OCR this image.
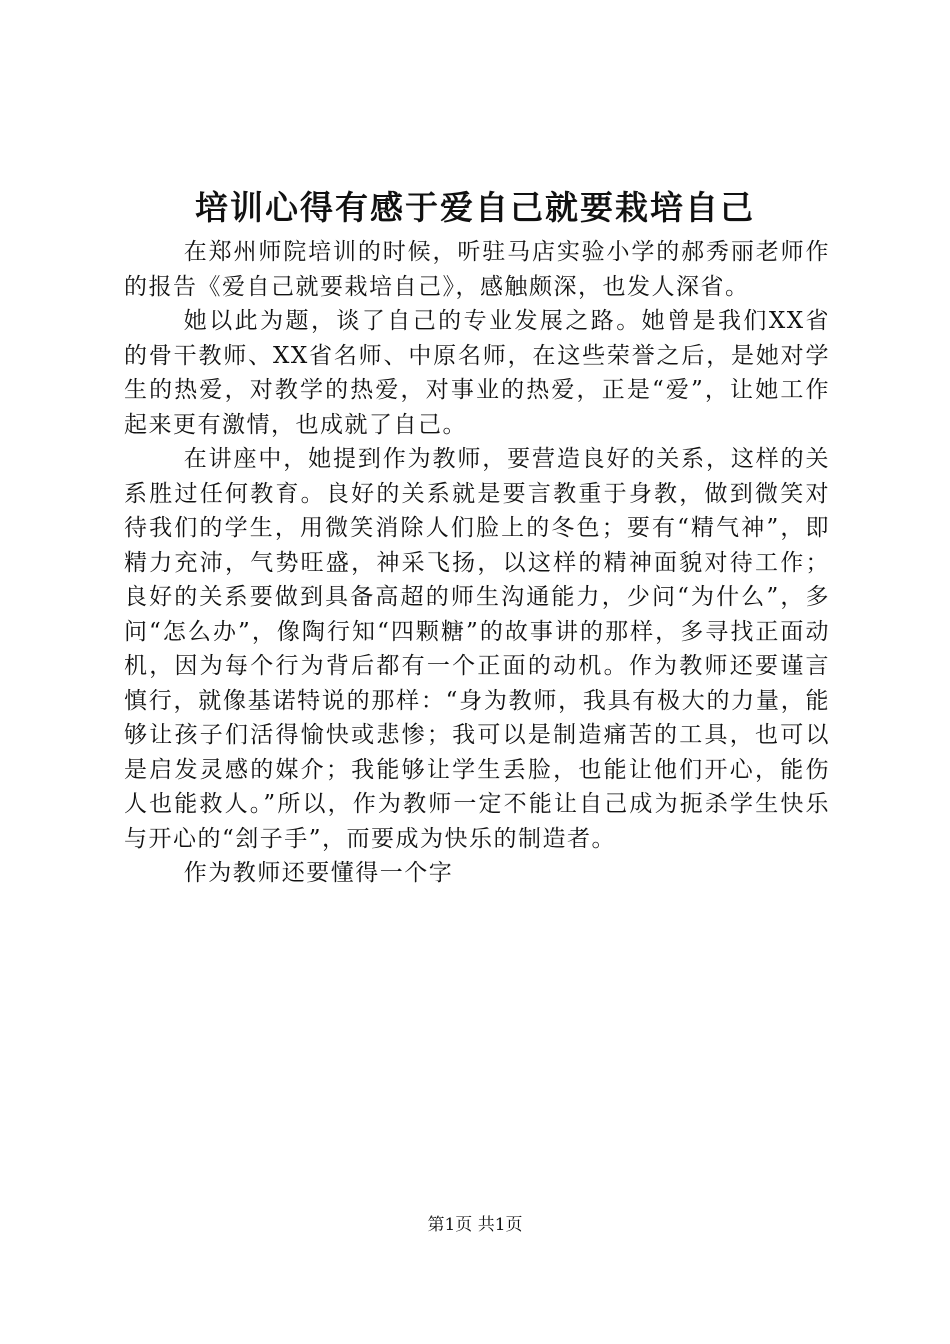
培训心得有感于爱自己就要栽培自己

在郑州师院培训的时候，听驻马店实验小学的郝秀丽老师作的报告《爱自己就要栽培自己》，感触颇深，也发人深省。

她以此为题，谈了自己的专业发展之路。她曾是我们XX省的骨干教师、XX省名师、中原名师，在这些荣誉之后，是她对学生的热爱，对教学的热爱，对事业的热爱，正是“爱”，让她工作起来更有激情，也成就了自己。

在讲座中，她提到作为教师，要营造良好的关系，这样的关系胜过任何教育。良好的关系就是要言教重于身教，做到微笑对待我们的学生，用微笑消除人们脸上的冬色；要有“精气神”，即精力充沛，气势旺盛，神采飞扬，以这样的精神面貌对待工作；良好的关系要做到具备高超的师生沟通能力，少问“为什么”，多问“怎么办”，像陶行知“四颗糖”的故事讲的那样，多寻找正面动机，因为每个行为背后都有一个正面的动机。作为教师还要谨言慎行，就像基诺特说的那样：“身为教师，我具有极大的力量，能够让孩子们活得愉快或悲惨；我可以是制造痛苦的工具，也可以是启发灵感的媒介；我能够让学生丢脸，也能让他们开心，能伤人也能救人。”所以，作为教师一定不能让自己成为扼杀学生快乐与开心的“刽子手”，而要成为快乐的制造者。

作为教师还要懂得一个字

第1页 共1页
